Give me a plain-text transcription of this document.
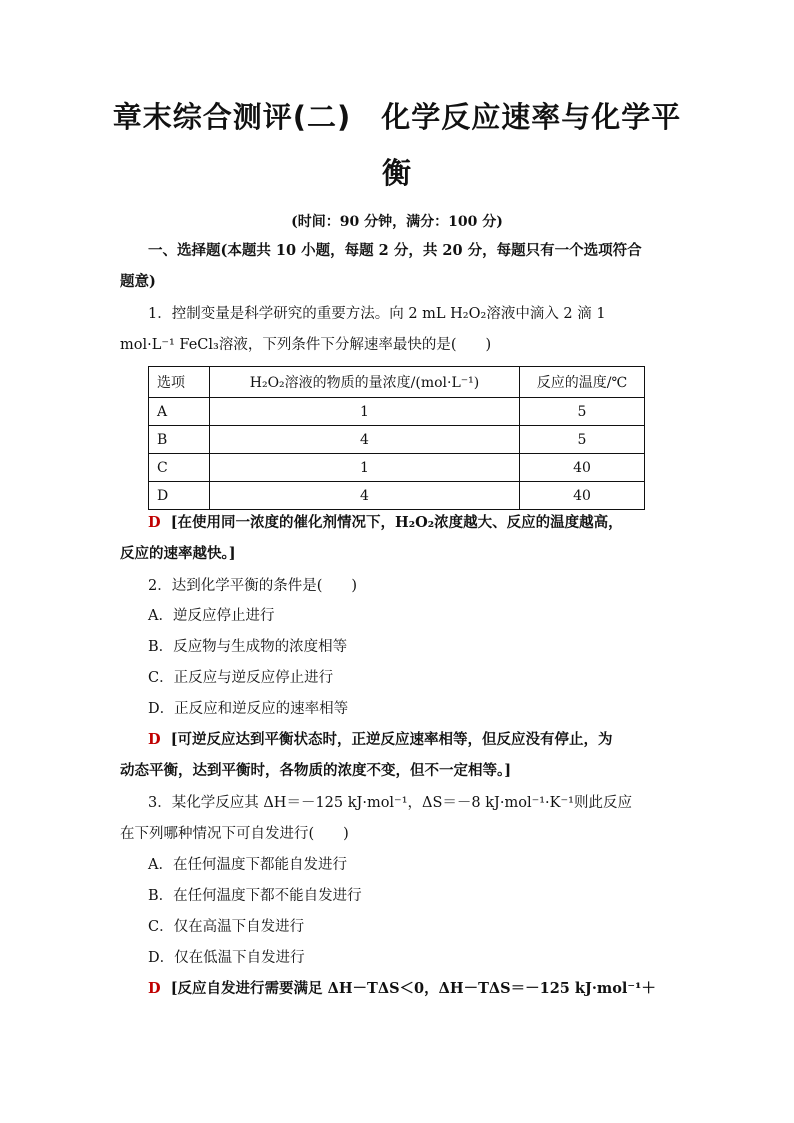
章末综合测评(二)　化学反应速率与化学平
衡
(时间：90 分钟，满分：100 分)
一、选择题(本题共 10 小题，每题 2 分，共 20 分，每题只有一个选项符合
题意)
1．控制变量是科学研究的重要方法。向 2 mL H₂O₂溶液中滴入 2 滴 1
mol·L⁻¹ FeCl₃溶液，下列条件下分解速率最快的是(　　)
选项	H₂O₂溶液的物质的量浓度/(mol·L⁻¹)	反应的温度/℃
A	1	5
B	4	5
C	1	40
D	4	40
D [在使用同一浓度的催化剂情况下，H₂O₂浓度越大、反应的温度越高，
反应的速率越快。]
2．达到化学平衡的条件是(　　)
A．逆反应停止进行
B．反应物与生成物的浓度相等
C．正反应与逆反应停止进行
D．正反应和逆反应的速率相等
D [可逆反应达到平衡状态时，正逆反应速率相等，但反应没有停止，为
动态平衡，达到平衡时，各物质的浓度不变，但不一定相等。]
3．某化学反应其 ΔH＝－125 kJ·mol⁻¹，ΔS＝－8 kJ·mol⁻¹·K⁻¹则此反应
在下列哪种情况下可自发进行(　　)
A．在任何温度下都能自发进行
B．在任何温度下都不能自发进行
C．仅在高温下自发进行
D．仅在低温下自发进行
D [反应自发进行需要满足 ΔH－TΔS＜0，ΔH－TΔS＝－125 kJ·mol⁻¹＋
